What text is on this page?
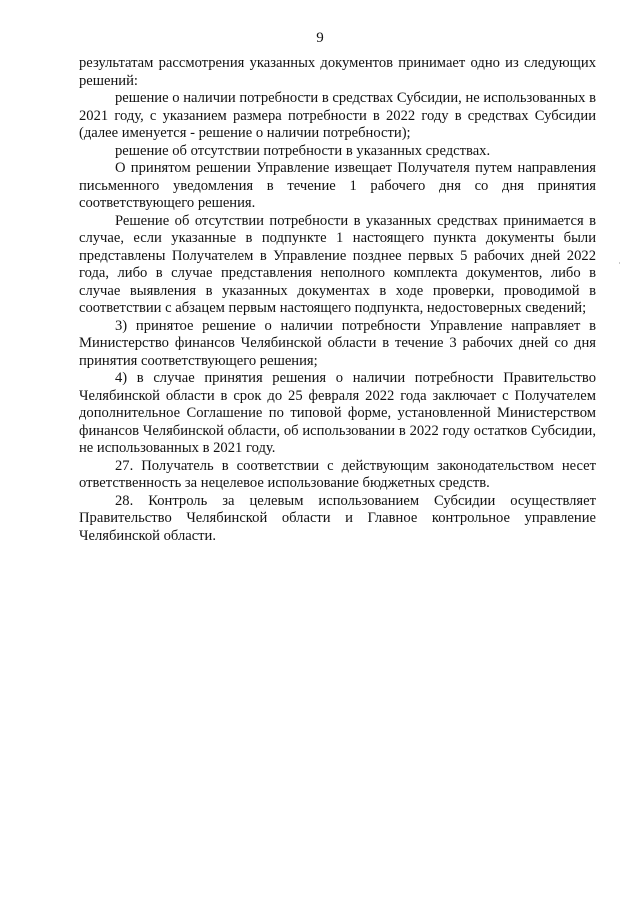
9

результатам рассмотрения указанных документов принимает одно из следующих решений:

решение о наличии потребности в средствах Субсидии, не использованных в 2021 году, с указанием размера потребности в 2022 году в средствах Субсидии (далее именуется - решение о наличии потребности);

решение об отсутствии потребности в указанных средствах.

О принятом решении Управление извещает Получателя путем направления письменного уведомления в течение 1 рабочего дня со дня принятия соответствующего решения.

Решение об отсутствии потребности в указанных средствах принимается в случае, если указанные в подпункте 1 настоящего пункта документы были представлены Получателем в Управление позднее первых 5 рабочих дней 2022 года, либо в случае представления неполного комплекта документов, либо в случае выявления в указанных документах в ходе проверки, проводимой в соответствии с абзацем первым настоящего подпункта, недостоверных сведений;

3) принятое решение о наличии потребности Управление направляет в Министерство финансов Челябинской области в течение 3 рабочих дней со дня принятия соответствующего решения;

4) в случае принятия решения о наличии потребности Правительство Челябинской области в срок до 25 февраля 2022 года заключает с Получателем дополнительное Соглашение по типовой форме, установленной Министерством финансов Челябинской области, об использовании в 2022 году остатков Субсидии, не использованных в 2021 году.

27. Получатель в соответствии с действующим законодательством несет ответственность за нецелевое использование бюджетных средств.

28. Контроль за целевым использованием Субсидии осуществляет Правительство Челябинской области и Главное контрольное управление Челябинской области.
